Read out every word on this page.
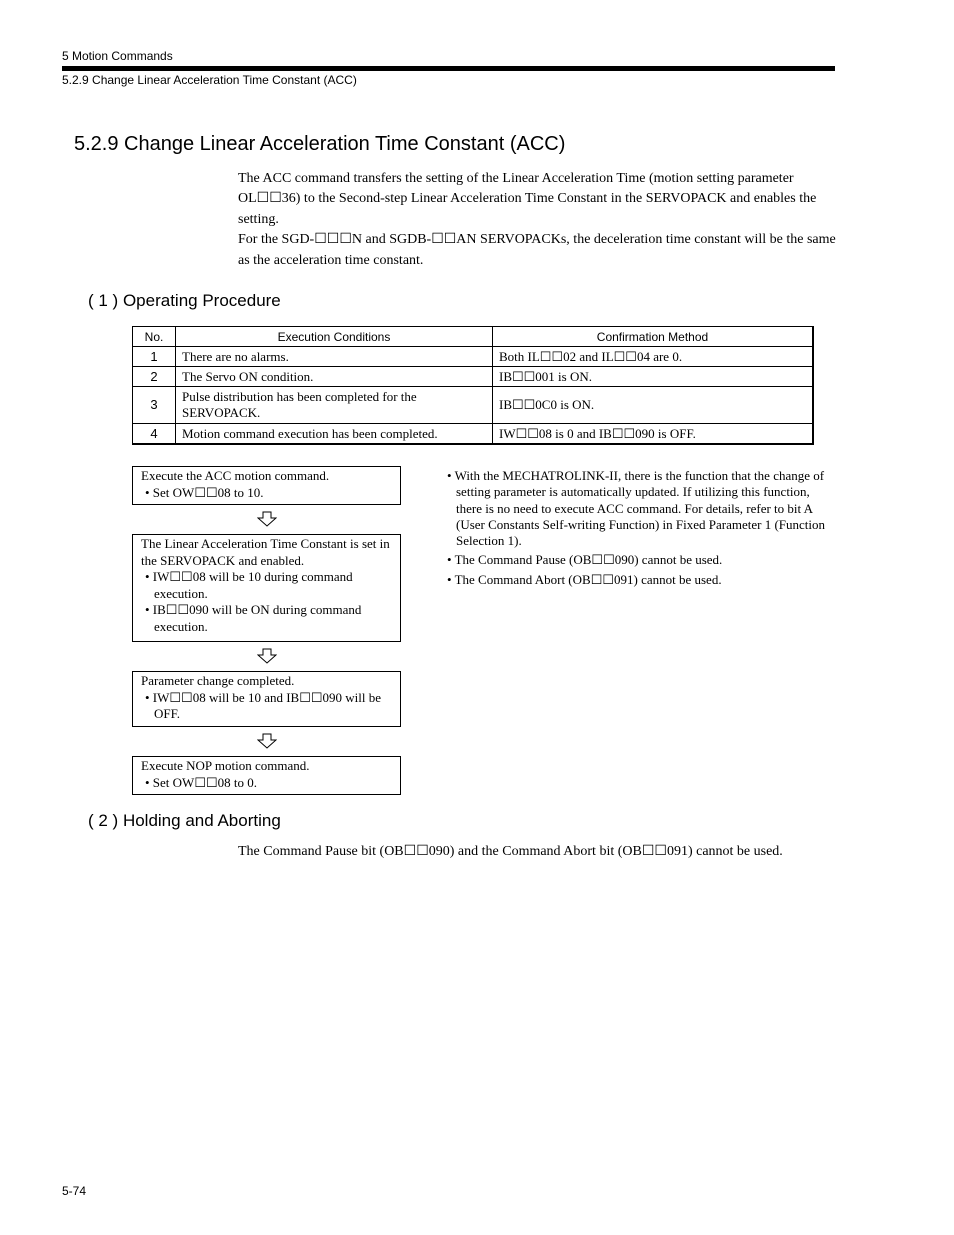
5 Motion Commands
5.2.9 Change Linear Acceleration Time Constant (ACC)
5.2.9 Change Linear Acceleration Time Constant (ACC)

The ACC command transfers the setting of the Linear Acceleration Time (motion setting parameter OL☐☐36) to the Second-step Linear Acceleration Time Constant in the SERVOPACK and enables the setting.

For the SGD-☐☐☐N and SGDB-☐☐AN SERVOPACKs, the deceleration time constant will be the same as the acceleration time constant.

( 1 ) Operating Procedure
No.	Execution Conditions	Confirmation Method
1	There are no alarms.	Both IL☐☐02 and IL☐☐04 are 0.
2	The Servo ON condition.	IB☐☐001 is ON.
3	Pulse distribution has been completed for the SERVOPACK.	IB☐☐0C0 is ON.
4	Motion command execution has been completed.	IW☐☐08 is 0 and IB☐☐090 is OFF.

Execute the ACC motion command.

• Set OW☐☐08 to 10.

The Linear Acceleration Time Constant is set in the SERVOPACK and enabled.

• IW☐☐08 will be 10 during command execution.

• IB☐☐090 will be ON during command execution.

Parameter change completed.

• IW☐☐08 will be 10 and IB☐☐090 will be OFF.

Execute NOP motion command.

• Set OW☐☐08 to 0.

• With the MECHATROLINK-II, there is the function that the change of setting parameter is automatically updated. If utilizing this function, there is no need to execute ACC command. For details, refer to bit A (User Constants Self-writing Function) in Fixed Parameter 1 (Function Selection 1).

• The Command Pause (OB☐☐090) cannot be used.

• The Command Abort (OB☐☐091) cannot be used.

( 2 ) Holding and Aborting
The Command Pause bit (OB☐☐090) and the Command Abort bit (OB☐☐091) cannot be used.
5-74
